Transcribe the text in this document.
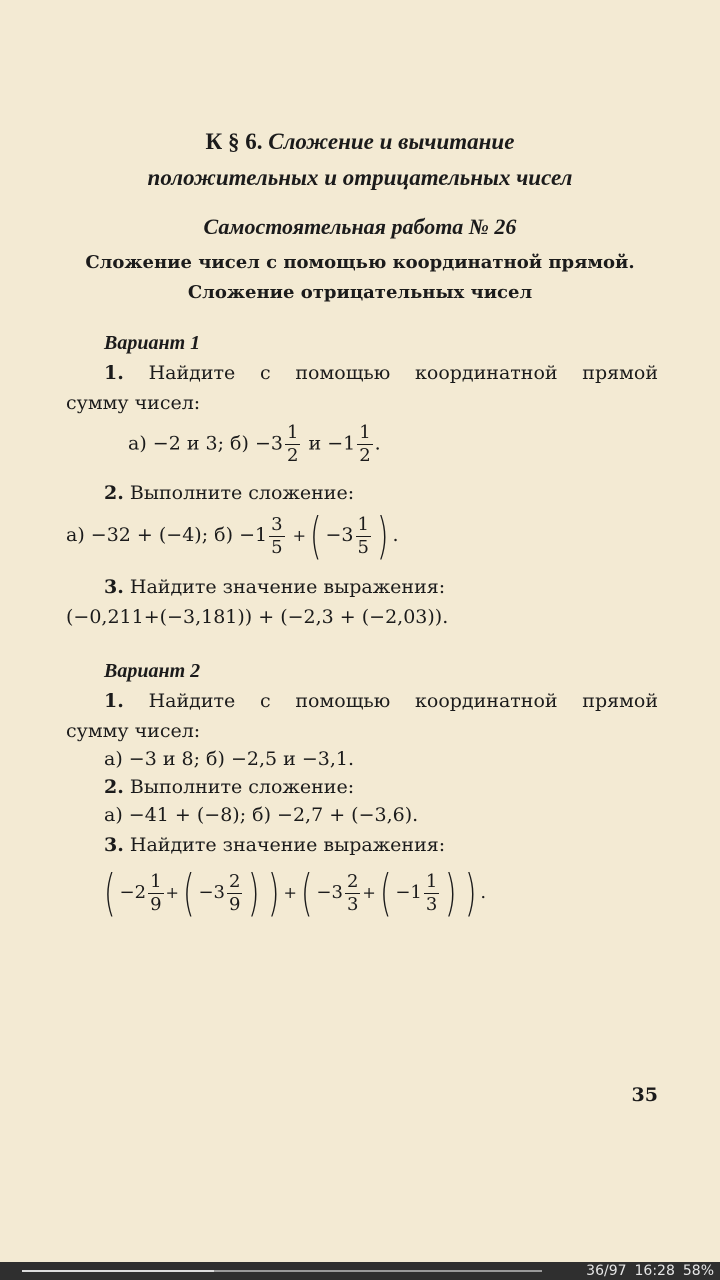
К § 6. Сложение и вычитание
положительных и отрицательных чисел
Самостоятельная работа № 26
Сложение чисел с помощью координатной прямой.
Сложение отрицательных чисел
Вариант 1
1. Найдите с помощью координатной прямой
сумму чисел:
а) −2 и 3; $б) -3 \frac{1}{2}$ $и -1 \frac{1}{2}$ .
2. Выполните сложение:
а) −32 + (−4); $б) -1 \frac{3}{5}$ +( $-3 \frac{1}{5}$ ) .
3. Найдите значение выражения:
(−0,211+(−3,181)) + (−2,3 + (−2,03)).
Вариант 2
1. Найдите с помощью координатной прямой
сумму чисел:
а) −3 и 8; б) −2,5 и −3,1.
2. Выполните сложение:
а) −41 + (−8); б) −2,7 + (−3,6).
3. Найдите значение выражения:
( $-2 \frac{1}{9}$ +( $-3 \frac{2}{9}$ ) ) +( $-3 \frac{2}{3}$ +( $-1 \frac{1}{3}$ ) ) .
35
36/97 16:28 58%
